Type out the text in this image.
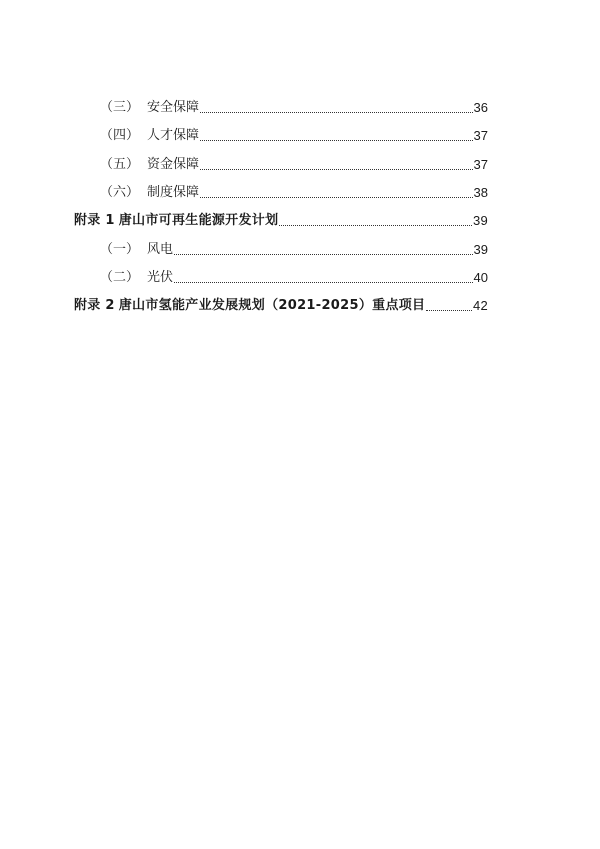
（三） 安全保障	36
（四） 人才保障	37
（五） 资金保障	37
（六） 制度保障	38
附录 1 唐山市可再生能源开发计划	39
（一） 风电	39
（二） 光伏	40
附录 2 唐山市氢能产业发展规划（2021-2025）重点项目	42
